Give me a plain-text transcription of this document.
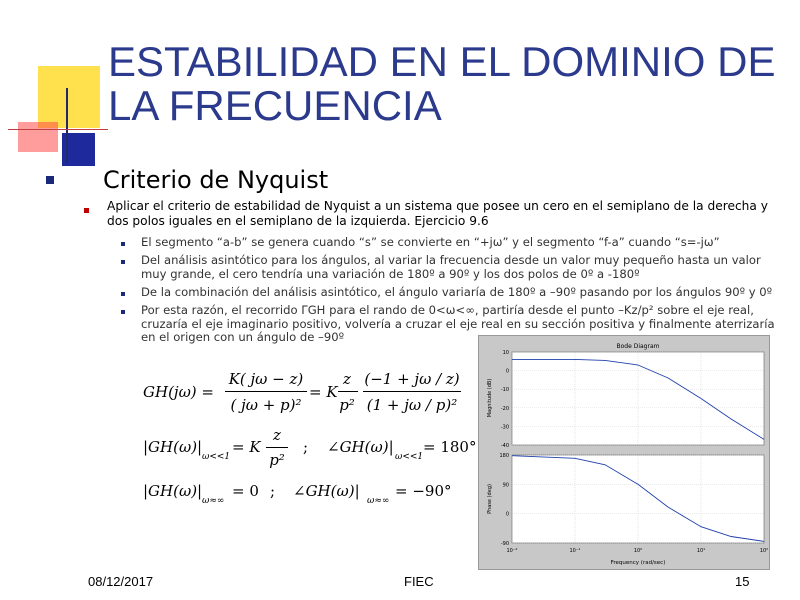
ESTABILIDAD EN EL DOMINIO DE LA FRECUENCIA
Criterio de Nyquist
Aplicar el criterio de estabilidad de Nyquist a un sistema que posee un cero en el semiplano de la derecha y dos polos iguales en el semiplano de la izquierda. Ejercicio 9.6
El segmento “a-b” se genera cuando “s” se convierte en “+jω” y el segmento “f-a” cuando “s=-jω”
Del análisis asintótico para los ángulos, al variar la frecuencia desde un valor muy pequeño hasta un valor muy grande, el cero tendría una variación de 180º a 90º y los dos polos de 0º a -180º
De la combinación del análisis asintótico, el ángulo variaría de 180º a –90º pasando por los ángulos 90º y 0º
Por esta razón, el recorrido ΓGH para el rando de 0<ω<∞, partiría desde el punto –Kz/p² sobre el eje real, cruzaría el eje imaginario positivo, volvería a cruzar el eje real en su sección positiva y finalmente aterrizaría en el origen con un ángulo de –90º
GH(jω) =
K( jω − z)
( jω + p)²
= K
z
p²
(−1 + jω / z)
(1 + jω / p)²
|GH(ω)|
ω<<1
= K
z
p²
; ∠GH(ω)|
ω<<1
= 180°
|GH(ω)|
ω≈∞
= 0 ; ∠GH(ω)|
ω≈∞
= −90°
Bode Diagram
Magnitude (dB)
Phase (deg)
Frequency (rad/sec)
10
0
-10
-20
-30
-40
180
90
0
-90
10⁻²	10⁻¹	10⁰	10¹	10²
08/12/2017	FIEC	15
